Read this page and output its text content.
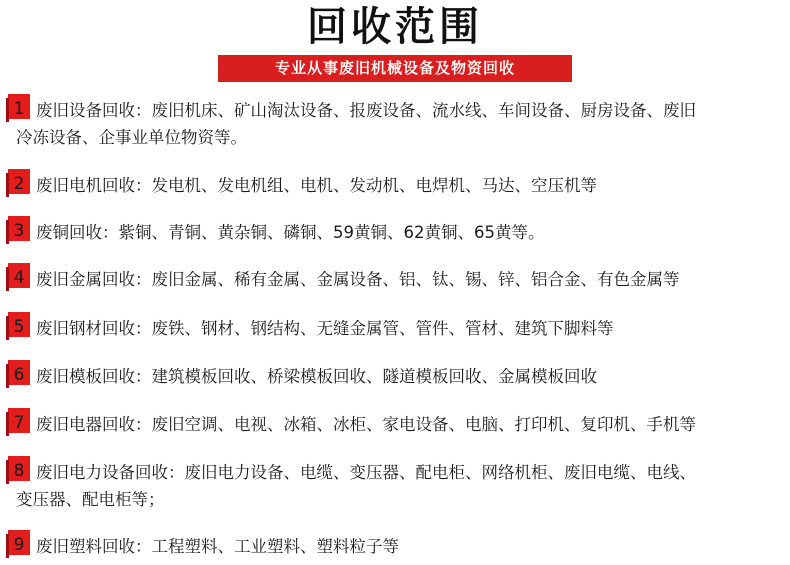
回收范围
专业从事废旧机械设备及物资回收
1 废旧设备回收：废旧机床、矿山淘汰设备、报废设备、流水线、车间设备、厨房设备、废旧
冷冻设备、企事业单位物资等。
2 废旧电机回收：发电机、发电机组、电机、发动机、电焊机、马达、空压机等
3 废铜回收：紫铜、青铜、黄杂铜、磷铜、59黄铜、62黄铜、65黄等。
4 废旧金属回收：废旧金属、稀有金属、金属设备、铝、钛、锡、锌、铝合金、有色金属等
5 废旧钢材回收：废铁、钢材、钢结构、无缝金属管、管件、管材、建筑下脚料等
6 废旧模板回收：建筑模板回收、桥梁模板回收、隧道模板回收、金属模板回收
7 废旧电器回收：废旧空调、电视、冰箱、冰柜、家电设备、电脑、打印机、复印机、手机等
8 废旧电力设备回收：废旧电力设备、电缆、变压器、配电柜、网络机柜、废旧电缆、电线、
变压器、配电柜等；
9 废旧塑料回收：工程塑料、工业塑料、塑料粒子等
